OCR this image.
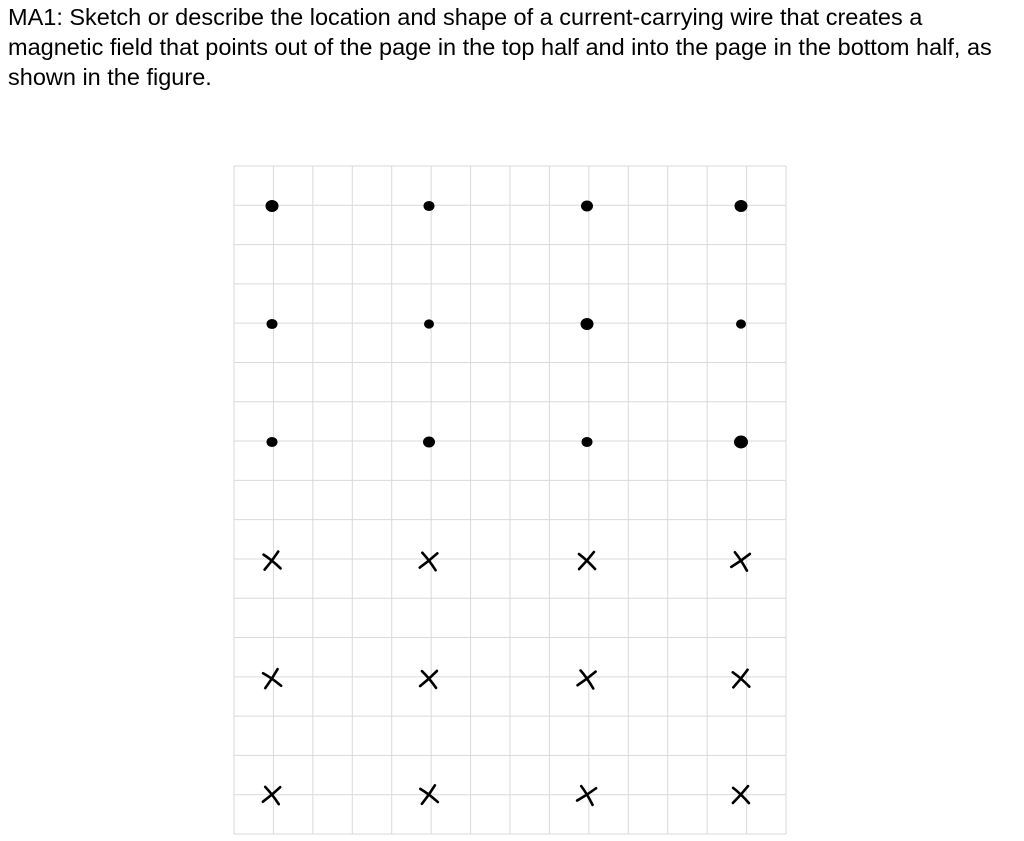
MA1: Sketch or describe the location and shape of a current-carrying wire that creates a magnetic field that points out of the page in the top half and into the page in the bottom half, as shown in the figure.
